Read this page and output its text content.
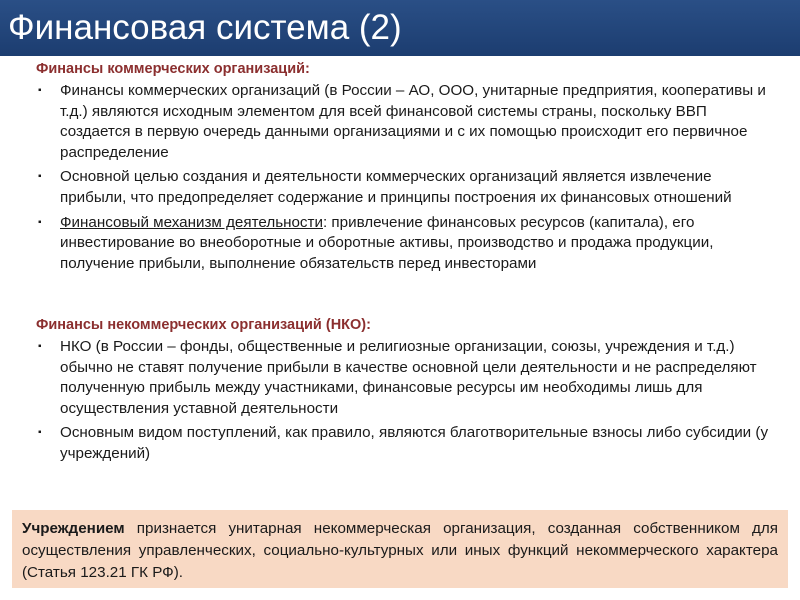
Финансовая система (2)
Финансы коммерческих организаций:
▪ Финансы коммерческих организаций (в России – АО, ООО, унитарные предприятия, кооперативы и т.д.) являются исходным элементом для всей финансовой системы страны, поскольку ВВП создается в первую очередь данными организациями и с их помощью происходит его первичное распределение
▪ Основной целью создания и деятельности коммерческих организаций является извлечение прибыли, что предопределяет содержание и принципы построения их финансовых отношений
▪ Финансовый механизм деятельности: привлечение финансовых ресурсов (капитала), его инвестирование во внеоборотные и оборотные активы, производство и продажа продукции, получение прибыли, выполнение обязательств перед инвесторами
Финансы некоммерческих организаций (НКО):
▪ НКО (в России – фонды, общественные и религиозные организации, союзы, учреждения и т.д.) обычно не ставят получение прибыли в качестве основной цели деятельности и не распределяют полученную прибыль между участниками, финансовые ресурсы им необходимы лишь для осуществления уставной деятельности
▪ Основным видом поступлений, как правило, являются благотворительные взносы либо субсидии (у учреждений)
Учреждением признается унитарная некоммерческая организация, созданная собственником для осуществления управленческих, социально-культурных или иных функций некоммерческого характера (Статья 123.21 ГК РФ).
